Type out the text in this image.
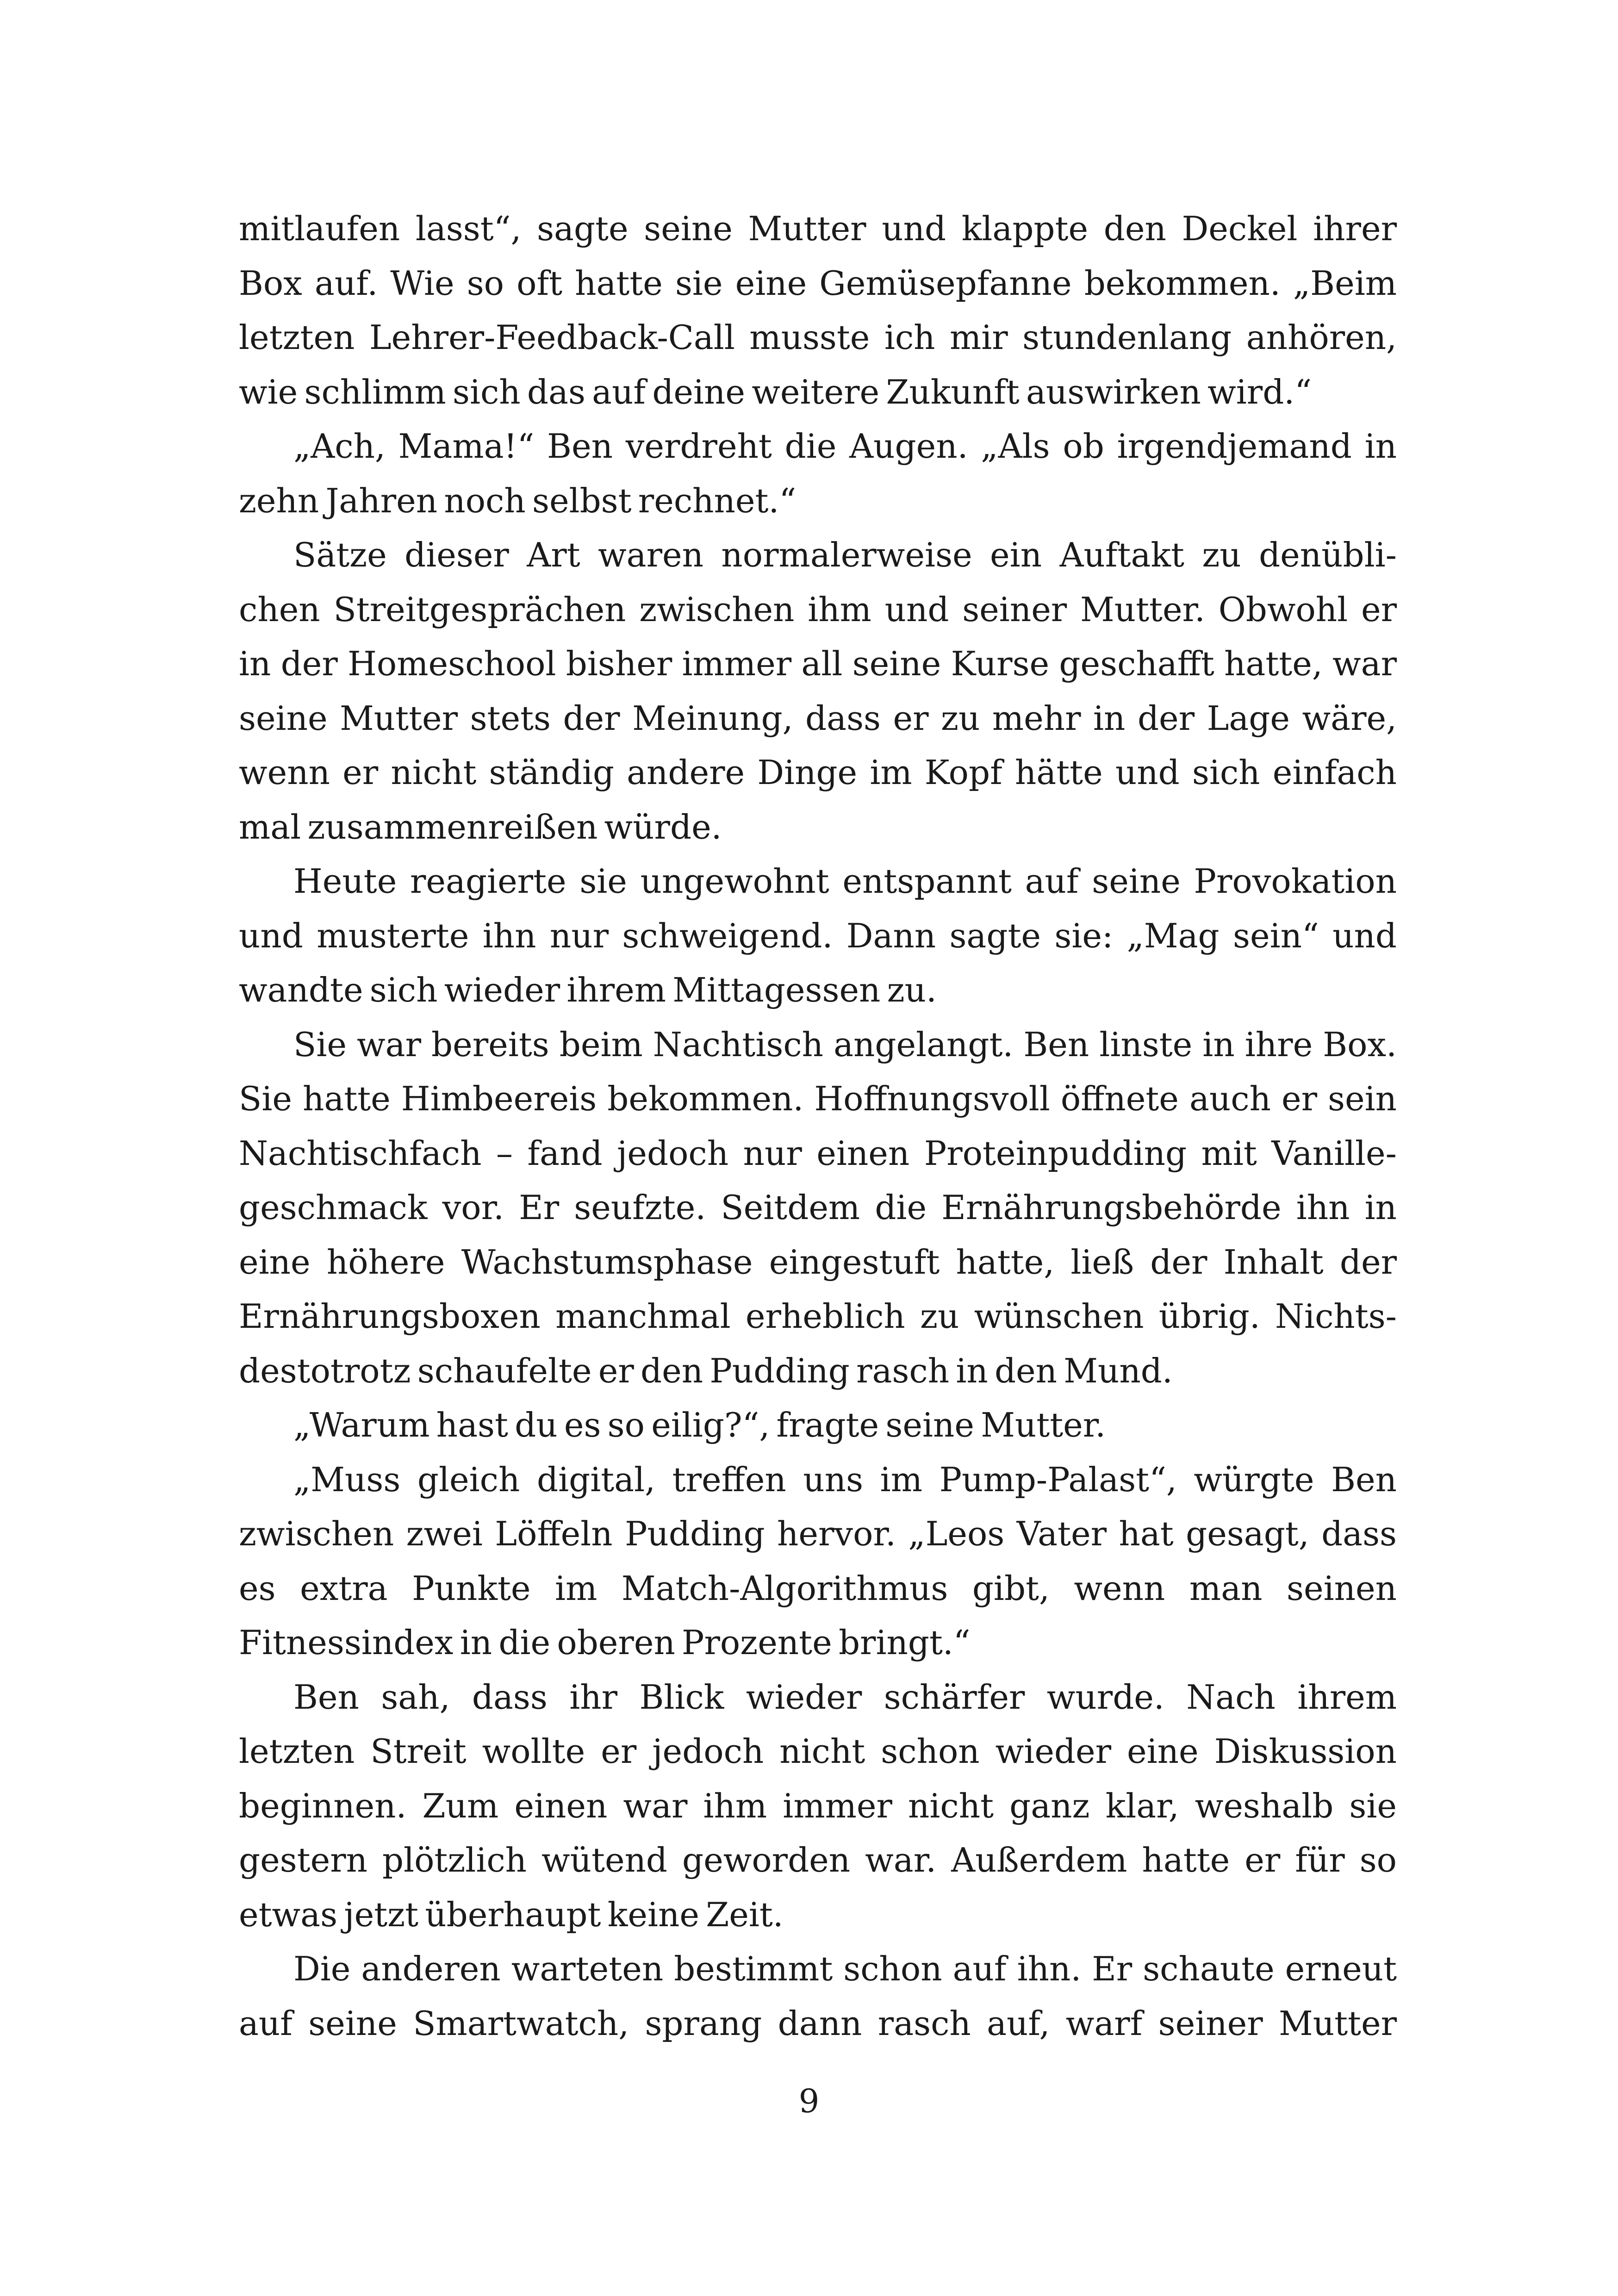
mitlaufen lasst“, sagte seine Mutter und klappte den Deckel ihrer
Box auf. Wie so oft hatte sie eine Gemüsepfanne bekommen. „Beim
letzten Lehrer-Feedback-Call musste ich mir stundenlang anhören,
wie schlimm sich das auf deine weitere Zukunft auswirken wird.“
„Ach, Mama!“ Ben verdreht die Augen. „Als ob irgendjemand in
zehn Jahren noch selbst rechnet.“
Sätze dieser Art waren normalerweise ein Auftakt zu denübli-
chen Streitgesprächen zwischen ihm und seiner Mutter. Obwohl er
in der Homeschool bisher immer all seine Kurse geschafft hatte, war
seine Mutter stets der Meinung, dass er zu mehr in der Lage wäre,
wenn er nicht ständig andere Dinge im Kopf hätte und sich einfach
mal zusammenreißen würde.
Heute reagierte sie ungewohnt entspannt auf seine Provokation
und musterte ihn nur schweigend. Dann sagte sie: „Mag sein“ und
wandte sich wieder ihrem Mittagessen zu.
Sie war bereits beim Nachtisch angelangt. Ben linste in ihre Box.
Sie hatte Himbeereis bekommen. Hoffnungsvoll öffnete auch er sein
Nachtischfach – fand jedoch nur einen Proteinpudding mit Vanille-
geschmack vor. Er seufzte. Seitdem die Ernährungsbehörde ihn in
eine höhere Wachstumsphase eingestuft hatte, ließ der Inhalt der
Ernährungsboxen manchmal erheblich zu wünschen übrig. Nichts-
destotrotz schaufelte er den Pudding rasch in den Mund.
„Warum hast du es so eilig?“, fragte seine Mutter.
„Muss gleich digital, treffen uns im Pump-Palast“, würgte Ben
zwischen zwei Löffeln Pudding hervor. „Leos Vater hat gesagt, dass
es extra Punkte im Match-Algorithmus gibt, wenn man seinen
Fitnessindex in die oberen Prozente bringt.“
Ben sah, dass ihr Blick wieder schärfer wurde. Nach ihrem
letzten Streit wollte er jedoch nicht schon wieder eine Diskussion
beginnen. Zum einen war ihm immer nicht ganz klar, weshalb sie
gestern plötzlich wütend geworden war. Außerdem hatte er für so
etwas jetzt überhaupt keine Zeit.
Die anderen warteten bestimmt schon auf ihn. Er schaute erneut
auf seine Smartwatch, sprang dann rasch auf, warf seiner Mutter
9
